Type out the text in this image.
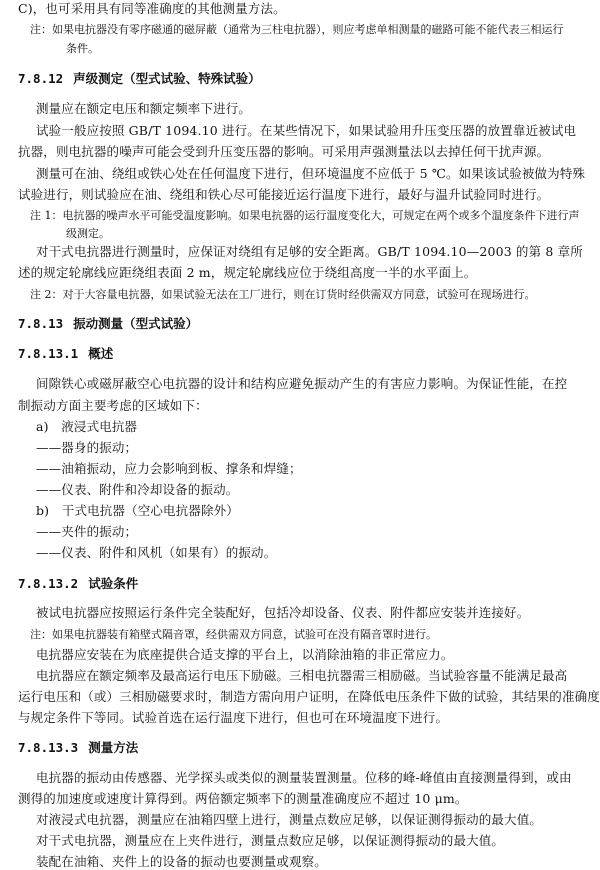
C)，也可采用具有同等准确度的其他测量方法。
注：如果电抗器没有零序磁通的磁屏蔽（通常为三柱电抗器），则应考虑单相测量的磁路可能不能代表三相运行
条件。
7.8.12 声级测定（型式试验、特殊试验）
测量应在额定电压和额定频率下进行。
试验一般应按照 GB/T 1094.10 进行。在某些情况下，如果试验用升压变压器的放置靠近被试电
抗器，则电抗器的噪声可能会受到升压变压器的影响。可采用声强测量法以去掉任何干扰声源。
测量可在油、绕组或铁心处在任何温度下进行，但环境温度不应低于 5 ℃。如果该试验被做为特殊
试验进行，则试验应在油、绕组和铁心尽可能接近运行温度下进行，最好与温升试验同时进行。
注 1：电抗器的噪声水平可能受温度影响。如果电抗器的运行温度变化大，可规定在两个或多个温度条件下进行声
级测定。
对干式电抗器进行测量时，应保证对绕组有足够的安全距离。GB/T 1094.10—2003 的第 8 章所
述的规定轮廓线应距绕组表面 2 m，规定轮廓线应位于绕组高度一半的水平面上。
注 2：对于大容量电抗器，如果试验无法在工厂进行，则在订货时经供需双方同意，试验可在现场进行。
7.8.13 振动测量（型式试验）
7.8.13.1 概述
间隙铁心或磁屏蔽空心电抗器的设计和结构应避免振动产生的有害应力影响。为保证性能，在控
制振动方面主要考虑的区域如下：
a)　液浸式电抗器
——器身的振动；
——油箱振动，应力会影响到板、撑条和焊缝；
——仪表、附件和冷却设备的振动。
b)　干式电抗器（空心电抗器除外）
——夹件的振动；
——仪表、附件和风机（如果有）的振动。
7.8.13.2 试验条件
被试电抗器应按照运行条件完全装配好，包括冷却设备、仪表、附件都应安装并连接好。
注：如果电抗器装有箱壁式隔音罩，经供需双方同意，试验可在没有隔音罩时进行。
电抗器应安装在为底座提供合适支撑的平台上，以消除油箱的非正常应力。
电抗器应在额定频率及最高运行电压下励磁。三相电抗器需三相励磁。当试验容量不能满足最高
运行电压和（或）三相励磁要求时，制造方需向用户证明，在降低电压条件下做的试验，其结果的准确度
与规定条件下等同。试验首选在运行温度下进行，但也可在环境温度下进行。
7.8.13.3 测量方法
电抗器的振动由传感器、光学探头或类似的测量装置测量。位移的峰-峰值由直接测量得到，或由
测得的加速度或速度计算得到。两倍额定频率下的测量准确度应不超过 10 μm。
对液浸式电抗器，测量应在油箱四壁上进行，测量点数应足够，以保证测得振动的最大值。
对干式电抗器，测量应在上夹件进行，测量点数应足够，以保证测得振动的最大值。
装配在油箱、夹件上的设备的振动也要测量或观察。
